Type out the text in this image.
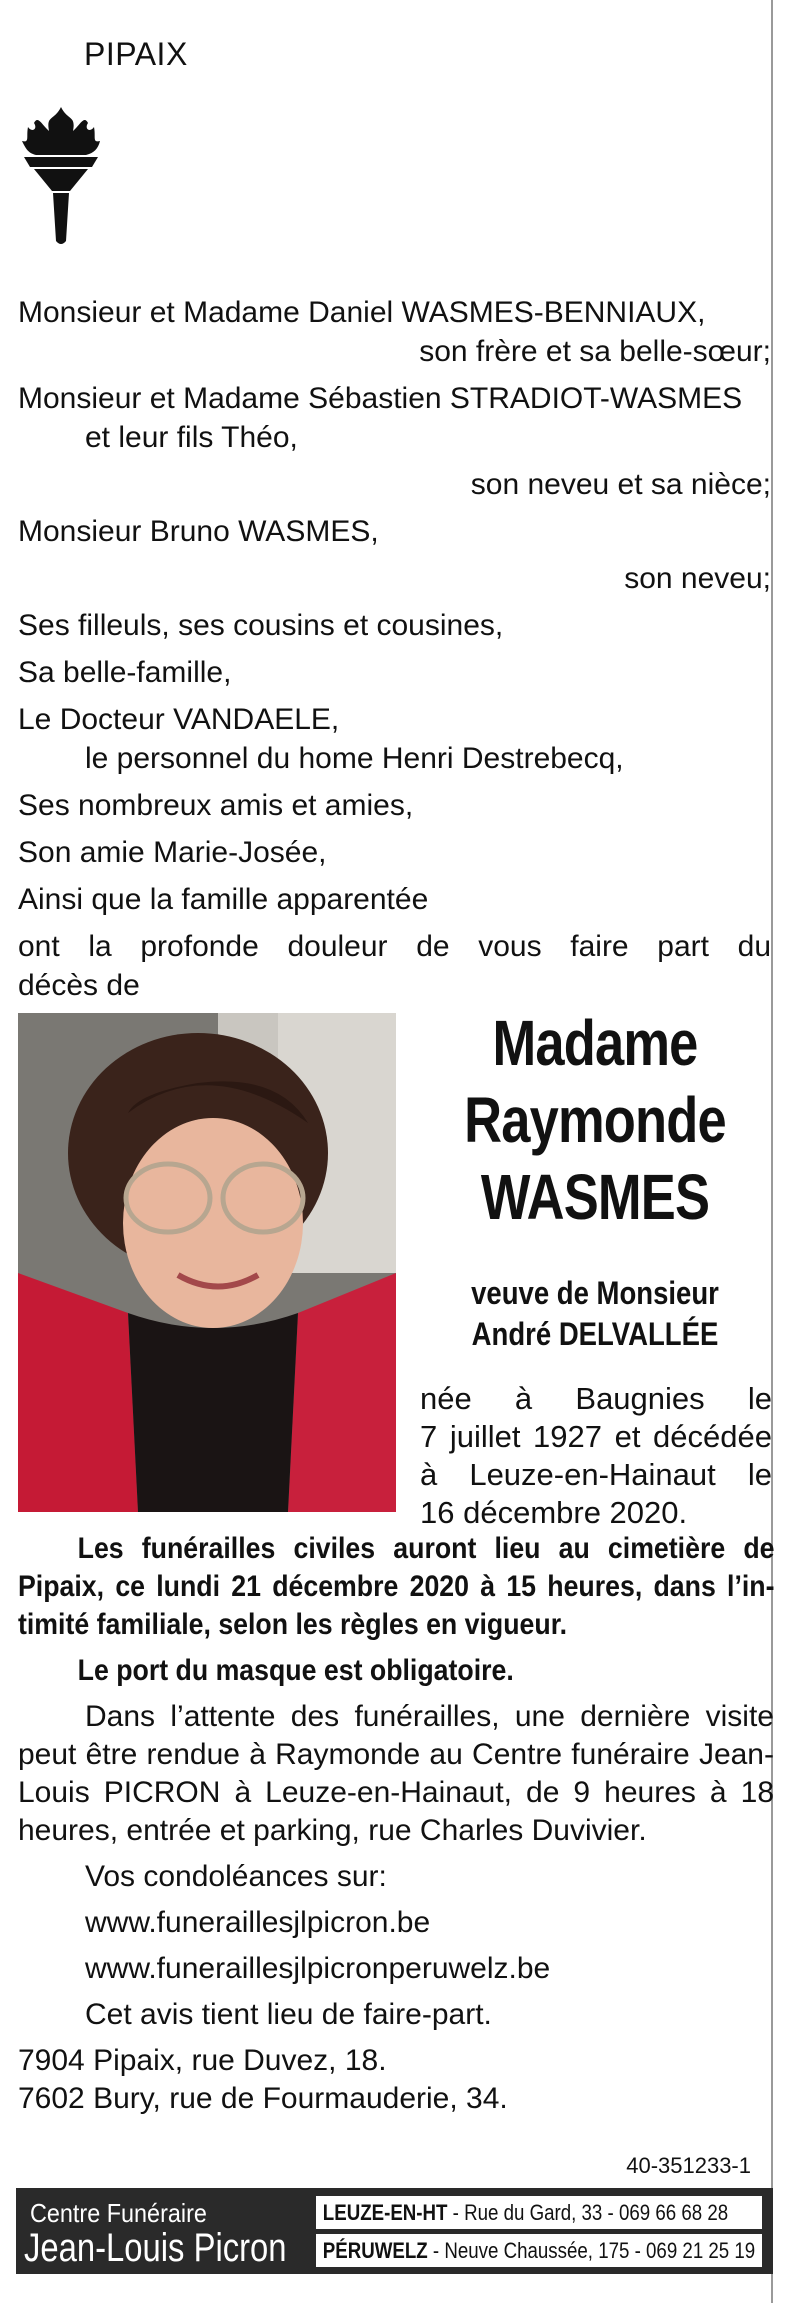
PIPAIX
Monsieur et Madame Daniel WASMES-BENNIAUX,
son frère et sa belle-sœur;
Monsieur et Madame Sébastien STRADIOT-WASMES
et leur fils Théo,
son neveu et sa nièce;
Monsieur Bruno WASMES,
son neveu;
Ses filleuls, ses cousins et cousines,
Sa belle-famille,
Le Docteur VANDAELE,
le personnel du home Henri Destrebecq,
Ses nombreux amis et amies,
Son amie Marie-Josée,
Ainsi que la famille apparentée
ont la profonde douleur de vous faire part du
décès de
Madame
Raymonde
WASMES
veuve de Monsieur
André DELVALLÉE
née à Baugnies le
7 juillet 1927 et décédée
à Leuze-en-Hainaut le
16 décembre 2020.
Les funérailles civiles auront lieu au cimetière de
Pipaix, ce lundi 21 décembre 2020 à 15 heures, dans l’in-
timité familiale, selon les règles en vigueur.
Le port du masque est obligatoire.
Dans l’attente des funérailles, une dernière visite peut être rendue à Raymonde au Centre funéraire Jean-Louis PICRON à Leuze-en-Hainaut, de 9 heures à 18 heures, entrée et parking, rue Charles Duvivier.
Vos condoléances sur:
www.funeraillesjlpicron.be
www.funeraillesjlpicronperuwelz.be
Cet avis tient lieu de faire-part.
7904 Pipaix, rue Duvez, 18.
7602 Bury, rue de Fourmauderie, 34.
40-351233-1
Centre Funéraire
Jean-Louis Picron
LEUZE-EN-HT - Rue du Gard, 33 - 069 66 68 28
PÉRUWELZ - Neuve Chaussée, 175 - 069 21 25 19
